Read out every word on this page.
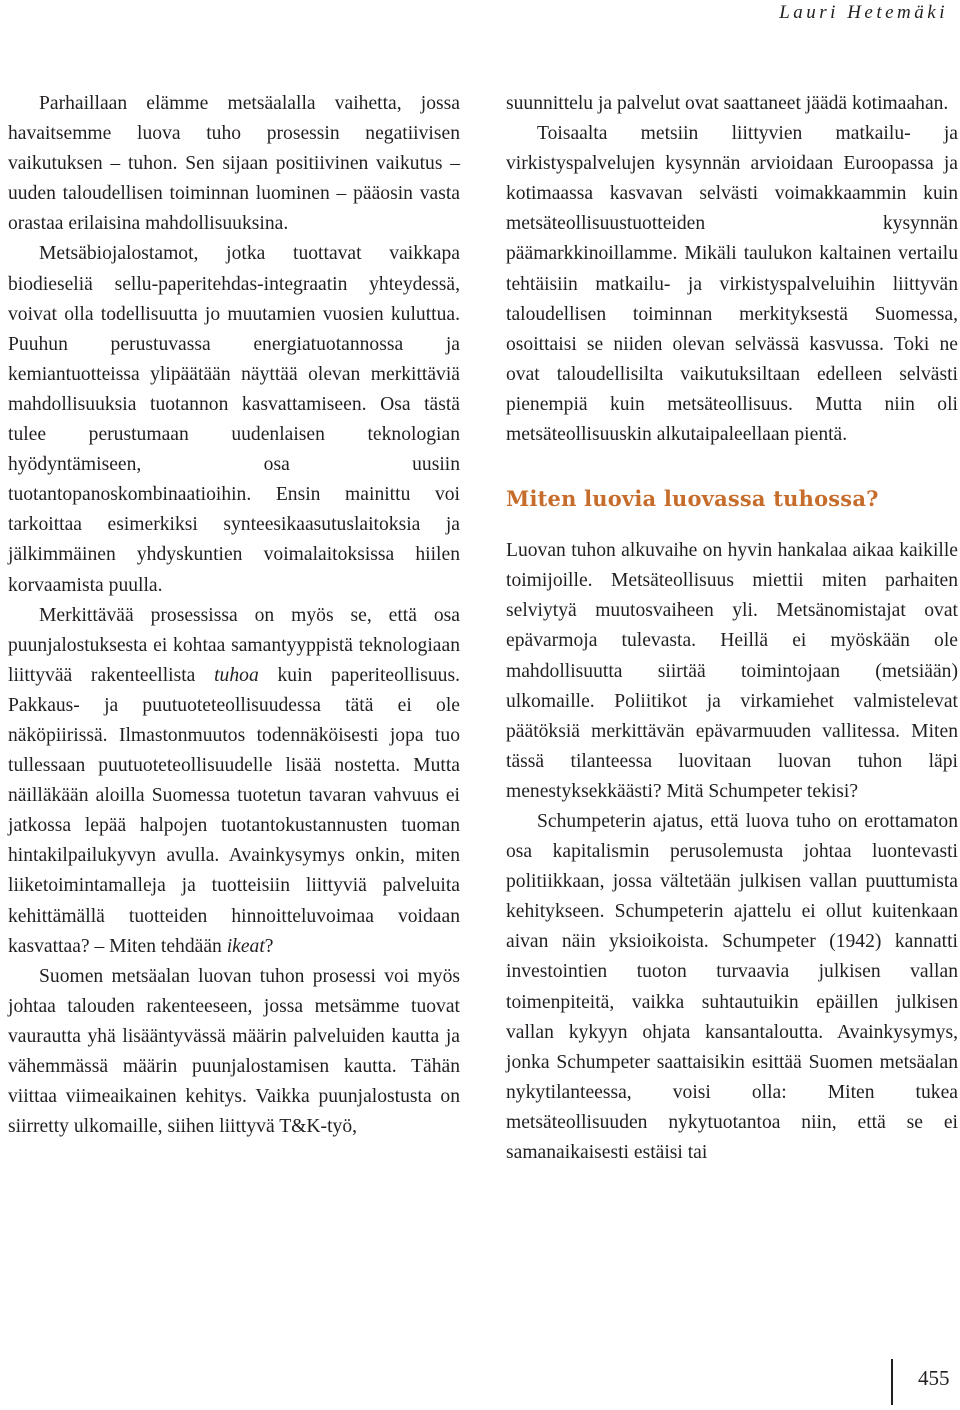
Lauri Hetemäki

Parhaillaan elämme metsäalalla vaihetta, jossa havaitsemme luova tuho prosessin negatiivisen vaikutuksen – tuhon. Sen sijaan positiivinen vaikutus – uuden taloudellisen toiminnan luominen – pääosin vasta orastaa erilaisina mahdollisuuksina.

Metsäbiojalostamot, jotka tuottavat vaikkapa biodieseliä sellu-paperitehdas-integraatin yhteydessä, voivat olla todellisuutta jo muutamien vuosien kuluttua. Puuhun perustuvassa energiatuotannossa ja kemiantuotteissa ylipäätään näyttää olevan merkittäviä mahdollisuuksia tuotannon kasvattamiseen. Osa tästä tulee perustumaan uudenlaisen teknologian hyödyntämiseen, osa uusiin tuotantopanoskombinaatioihin. Ensin mainittu voi tarkoittaa esimerkiksi synteesikaasutuslaitoksia ja jälkimmäinen yhdyskuntien voimalaitoksissa hiilen korvaamista puulla.

Merkittävää prosessissa on myös se, että osa puunjalostuksesta ei kohtaa samantyyppistä teknologiaan liittyvää rakenteellista tuhoa kuin paperiteollisuus. Pakkaus- ja puutuoteteollisuudessa tätä ei ole näköpiirissä. Ilmastonmuutos todennäköisesti jopa tuo tullessaan puutuoteteollisuudelle lisää nostetta. Mutta näilläkään aloilla Suomessa tuotetun tavaran vahvuus ei jatkossa lepää halpojen tuotantokustannusten tuoman hintakilpailukyvyn avulla. Avainkysymys onkin, miten liiketoimintamalleja ja tuotteisiin liittyviä palveluita kehittämällä tuotteiden hinnoitteluvoimaa voidaan kasvattaa? – Miten tehdään ikeat?

Suomen metsäalan luovan tuhon prosessi voi myös johtaa talouden rakenteeseen, jossa metsämme tuovat vaurautta yhä lisääntyvässä määrin palveluiden kautta ja vähemmässä määrin puunjalostamisen kautta. Tähän viittaa viimeaikainen kehitys. Vaikka puunjalostusta on siirretty ulkomaille, siihen liittyvä T&K-työ,

suunnittelu ja palvelut ovat saattaneet jäädä kotimaahan.

Toisaalta metsiin liittyvien matkailu- ja virkistyspalvelujen kysynnän arvioidaan Euroopassa ja kotimaassa kasvavan selvästi voimakkaammin kuin metsäteollisuustuotteiden kysynnän päämarkkinoillamme. Mikäli taulukon kaltainen vertailu tehtäisiin matkailu- ja virkistyspalveluihin liittyvän taloudellisen toiminnan merkityksestä Suomessa, osoittaisi se niiden olevan selvässä kasvussa. Toki ne ovat taloudellisilta vaikutuksiltaan edelleen selvästi pienempiä kuin metsäteollisuus. Mutta niin oli metsäteollisuuskin alkutaipaleellaan pientä.

Miten luovia luovassa tuhossa?

Luovan tuhon alkuvaihe on hyvin hankalaa aikaa kaikille toimijoille. Metsäteollisuus miettii miten parhaiten selviytyä muutosvaiheen yli. Metsänomistajat ovat epävarmoja tulevasta. Heillä ei myöskään ole mahdollisuutta siirtää toimintojaan (metsiään) ulkomaille. Poliitikot ja virkamiehet valmistelevat päätöksiä merkittävän epävarmuuden vallitessa. Miten tässä tilanteessa luovitaan luovan tuhon läpi menestyksekkäästi? Mitä Schumpeter tekisi?

Schumpeterin ajatus, että luova tuho on erottamaton osa kapitalismin perusolemusta johtaa luontevasti politiikkaan, jossa vältetään julkisen vallan puuttumista kehitykseen. Schumpeterin ajattelu ei ollut kuitenkaan aivan näin yksioikoista. Schumpeter (1942) kannatti investointien tuoton turvaavia julkisen vallan toimenpiteitä, vaikka suhtautuikin epäillen julkisen vallan kykyyn ohjata kansantaloutta. Avainkysymys, jonka Schumpeter saattaisikin esittää Suomen metsäalan nykytilanteessa, voisi olla: Miten tukea metsäteollisuuden nykytuotantoa niin, että se ei samanaikaisesti estäisi tai

455
